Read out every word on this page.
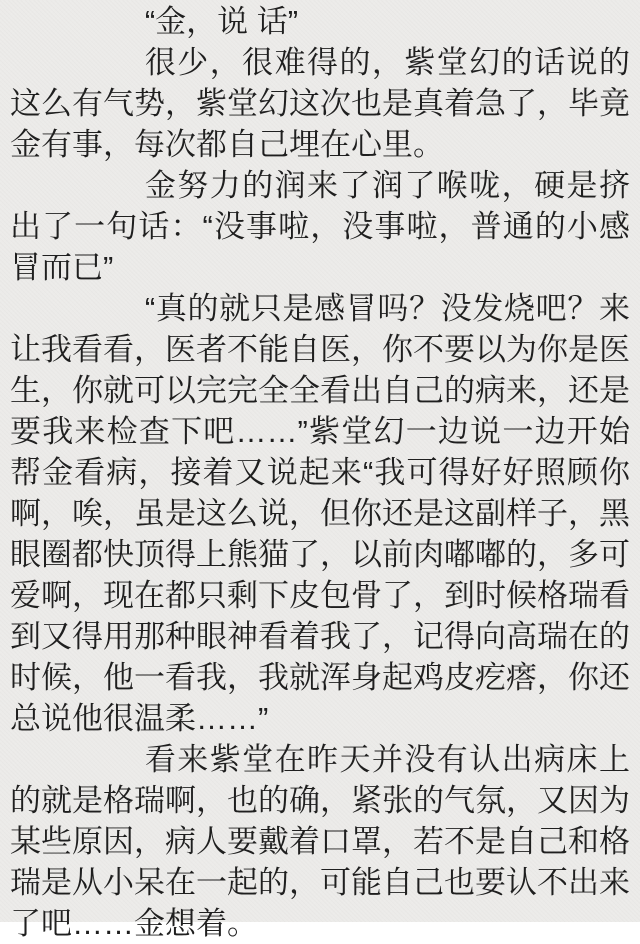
“金，说 话”

很少，很难得的，紫堂幻的话说的这么有气势，紫堂幻这次也是真着急了，毕竟金有事，每次都自己埋在心里。

金努力的润来了润了喉咙，硬是挤出了一句话：“没事啦，没事啦，普通的小感冒而已”

“真的就只是感冒吗？没发烧吧？来让我看看，医者不能自医，你不要以为你是医生，你就可以完完全全看出自己的病来，还是要我来检查下吧……”紫堂幻一边说一边开始帮金看病，接着又说起来“我可得好好照顾你啊，唉，虽是这么说，但你还是这副样子，黑眼圈都快顶得上熊猫了，以前肉嘟嘟的，多可爱啊，现在都只剩下皮包骨了，到时候格瑞看到又得用那种眼神看着我了，记得向高瑞在的时候，他一看我，我就浑身起鸡皮疙瘩，你还总说他很温柔……”

看来紫堂在昨天并没有认出病床上的就是格瑞啊，也的确，紧张的气氛，又因为某些原因，病人要戴着口罩，若不是自己和格瑞是从小呆在一起的，可能自己也要认不出来了吧……金想着。
